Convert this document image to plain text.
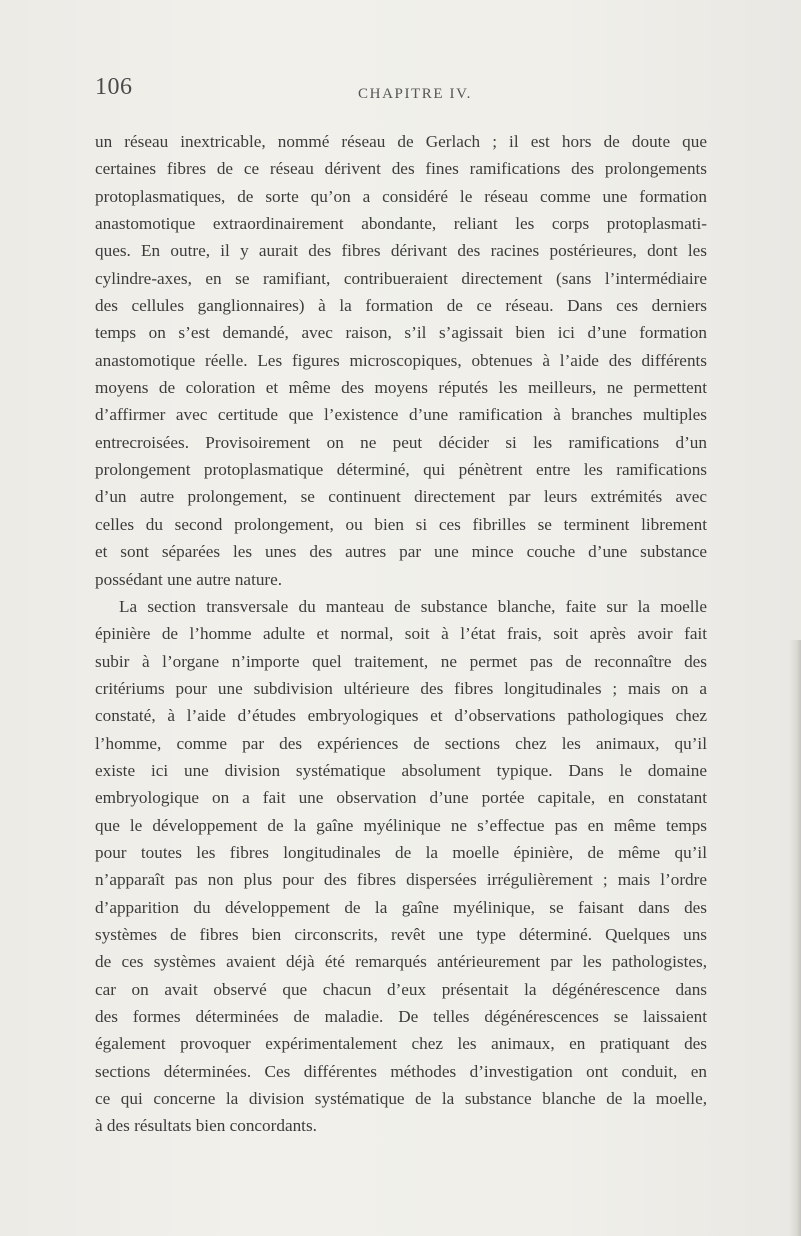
106	CHAPITRE IV.

un réseau inextricable, nommé réseau de Gerlach ; il est hors de doute que
certaines fibres de ce réseau dérivent des fines ramifications des prolongements
protoplasmatiques, de sorte qu’on a considéré le réseau comme une formation
anastomotique extraordinairement abondante, reliant les corps protoplasmati-
ques. En outre, il y aurait des fibres dérivant des racines postérieures, dont les
cylindre-axes, en se ramifiant, contribueraient directement (sans l’intermédiaire
des cellules ganglionnaires) à la formation de ce réseau. Dans ces derniers
temps on s’est demandé, avec raison, s’il s’agissait bien ici d’une formation
anastomotique réelle. Les figures microscopiques, obtenues à l’aide des différents
moyens de coloration et même des moyens réputés les meilleurs, ne permettent
d’affirmer avec certitude que l’existence d’une ramification à branches multiples
entrecroisées. Provisoirement on ne peut décider si les ramifications d’un
prolongement protoplasmatique déterminé, qui pénètrent entre les ramifications
d’un autre prolongement, se continuent directement par leurs extrémités avec
celles du second prolongement, ou bien si ces fibrilles se terminent librement
et sont séparées les unes des autres par une mince couche d’une substance
possédant une autre nature.

La section transversale du manteau de substance blanche, faite sur la moelle
épinière de l’homme adulte et normal, soit à l’état frais, soit après avoir fait
subir à l’organe n’importe quel traitement, ne permet pas de reconnaître des
critériums pour une subdivision ultérieure des fibres longitudinales ; mais on a
constaté, à l’aide d’études embryologiques et d’observations pathologiques chez
l’homme, comme par des expériences de sections chez les animaux, qu’il
existe ici une division systématique absolument typique. Dans le domaine
embryologique on a fait une observation d’une portée capitale, en constatant
que le développement de la gaîne myélinique ne s’effectue pas en même temps
pour toutes les fibres longitudinales de la moelle épinière, de même qu’il
n’apparaît pas non plus pour des fibres dispersées irrégulièrement ; mais l’ordre
d’apparition du développement de la gaîne myélinique, se faisant dans des
systèmes de fibres bien circonscrits, revêt une type déterminé. Quelques uns
de ces systèmes avaient déjà été remarqués antérieurement par les pathologistes,
car on avait observé que chacun d’eux présentait la dégénérescence dans
des formes déterminées de maladie. De telles dégénérescences se laissaient
également provoquer expérimentalement chez les animaux, en pratiquant des
sections déterminées. Ces différentes méthodes d’investigation ont conduit, en
ce qui concerne la division systématique de la substance blanche de la moelle,
à des résultats bien concordants.
